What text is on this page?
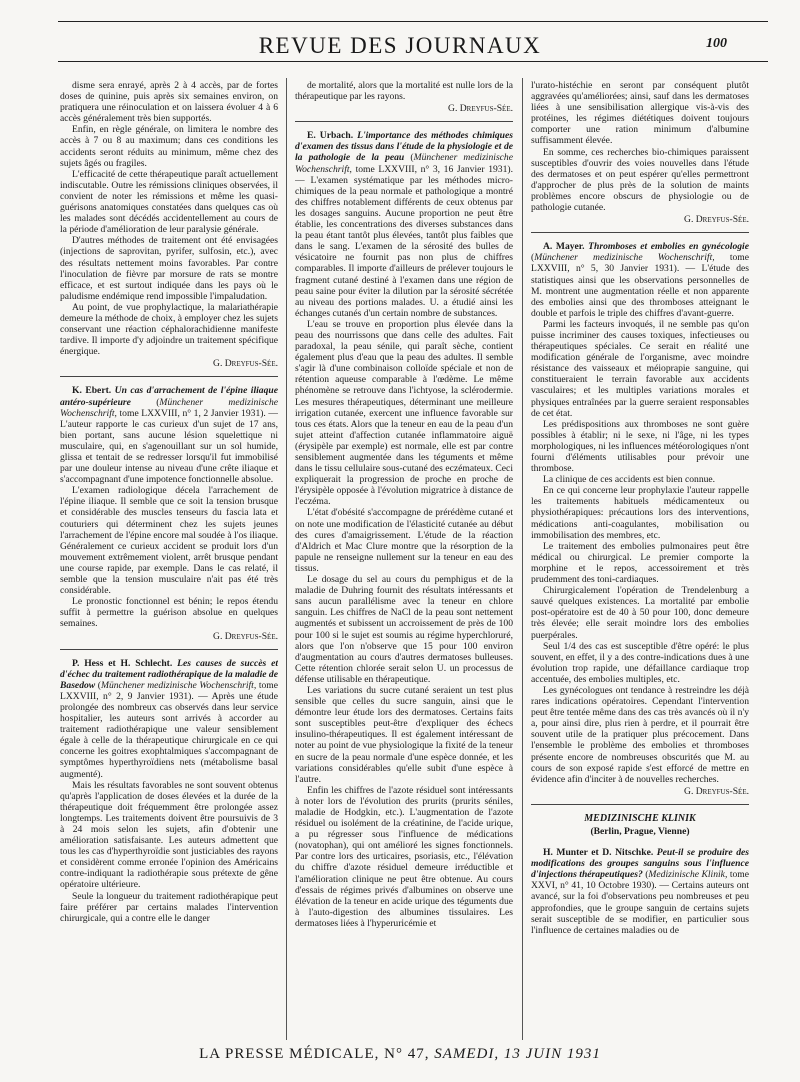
REVUE DES JOURNAUX	100

disme sera enrayé, après 2 à 4 accès, par de fortes doses de quinine, puis après six semaines environ, on pratiquera une réinoculation et on laissera évoluer 4 à 6 accès généralement très bien supportés.

Enfin, en règle générale, on limitera le nombre des accès à 7 ou 8 au maximum; dans ces conditions les accidents seront réduits au minimum, même chez des sujets âgés ou fragiles.

L'efficacité de cette thérapeutique paraît actuellement indiscutable. Outre les rémissions cliniques observées, il convient de noter les rémissions et même les quasi-guérisons anatomiques constatées dans quelques cas où les malades sont décédés accidentellement au cours de la période d'amélioration de leur paralysie générale.

D'autres méthodes de traitement ont été envisagées (injections de saprovitan, pyrifer, sulfosin, etc.), avec des résultats nettement moins favorables. Par contre l'inoculation de fièvre par morsure de rats se montre efficace, et est surtout indiquée dans les pays où le paludisme endémique rend impossible l'impaludation.

Au point, de vue prophylactique, la malariathérapie demeure la méthode de choix, à employer chez les sujets conservant une réaction céphalorachidienne manifeste tardive. Il importe d'y adjoindre un traitement spécifique énergique.

G. Dreyfus-Sée.

K. Ebert. Un cas d'arrachement de l'épine iliaque antéro-supérieure (Münchener medizinische Wochenschrift, tome LXXVIII, n° 1, 2 Janvier 1931). — L'auteur rapporte le cas curieux d'un sujet de 17 ans, bien portant, sans aucune lésion squelettique ni musculaire, qui, en s'agenouillant sur un sol humide, glissa et tentait de se redresser lorsqu'il fut immobilisé par une douleur intense au niveau d'une crête iliaque et s'accompagnant d'une impotence fonctionnelle absolue.

L'examen radiologique décela l'arrachement de l'épine iliaque. Il semble que ce soit la tension brusque et considérable des muscles tenseurs du fascia lata et couturiers qui déterminent chez les sujets jeunes l'arrachement de l'épine encore mal soudée à l'os iliaque. Généralement ce curieux accident se produit lors d'un mouvement extrêmement violent, arrêt brusque pendant une course rapide, par exemple. Dans le cas relaté, il semble que la tension musculaire n'ait pas été très considérable.

Le pronostic fonctionnel est bénin; le repos étendu suffit à permettre la guérison absolue en quelques semaines.

G. Dreyfus-Sée.

P. Hess et H. Schlecht. Les causes de succès et d'échec du traitement radiothérapique de la maladie de Basedow (Münchener medizinische Wochenschrift, tome LXXVIII, n° 2, 9 Janvier 1931). — Après une étude prolongée des nombreux cas observés dans leur service hospitalier, les auteurs sont arrivés à accorder au traitement radiothérapique une valeur sensiblement égale à celle de la thérapeutique chirurgicale en ce qui concerne les goitres exophtalmiques s'accompagnant de symptômes hyperthyroïdiens nets (métabolisme basal augmenté).

Mais les résultats favorables ne sont souvent obtenus qu'après l'application de doses élevées et la durée de la thérapeutique doit fréquemment être prolongée assez longtemps. Les traitements doivent être poursuivis de 3 à 24 mois selon les sujets, afin d'obtenir une amélioration satisfaisante. Les auteurs admettent que tous les cas d'hyperthyroïdie sont justiciables des rayons et considèrent comme erronée l'opinion des Américains contre-indiquant la radiothérapie sous prétexte de gêne opératoire ultérieure.

Seule la longueur du traitement radiothérapique peut faire préférer par certains malades l'intervention chirurgicale, qui a contre elle le danger

de mortalité, alors que la mortalité est nulle lors de la thérapeutique par les rayons.

G. Dreyfus-Sée.

E. Urbach. L'importance des méthodes chimiques d'examen des tissus dans l'étude de la physiologie et de la pathologie de la peau (Münchener medizinische Wochenschrift, tome LXXVIII, n° 3, 16 Janvier 1931). — L'examen systématique par les méthodes micro-chimiques de la peau normale et pathologique a montré des chiffres notablement différents de ceux obtenus par les dosages sanguins. Aucune proportion ne peut être établie, les concentrations des diverses substances dans la peau étant tantôt plus élevées, tantôt plus faibles que dans le sang. L'examen de la sérosité des bulles de vésicatoire ne fournit pas non plus de chiffres comparables. Il importe d'ailleurs de prélever toujours le fragment cutané destiné à l'examen dans une région de peau saine pour éviter la dilution par la sérosité sécrétée au niveau des portions malades. U. a étudié ainsi les échanges cutanés d'un certain nombre de substances.

L'eau se trouve en proportion plus élevée dans la peau des nourrissons que dans celle des adultes. Fait paradoxal, la peau sénile, qui paraît sèche, contient également plus d'eau que la peau des adultes. Il semble s'agir là d'une combinaison colloïde spéciale et non de rétention aqueuse comparable à l'œdème. Le même phénomène se retrouve dans l'ichtyose, la sclérodermie. Les mesures thérapeutiques, déterminant une meilleure irrigation cutanée, exercent une influence favorable sur tous ces états. Alors que la teneur en eau de la peau d'un sujet atteint d'affection cutanée inflammatoire aiguë (érysipèle par exemple) est normale, elle est par contre sensiblement augmentée dans les téguments et même dans le tissu cellulaire sous-cutané des eczémateux. Ceci expliquerait la progression de proche en proche de l'érysipèle opposée à l'évolution migratrice à distance de l'eczéma.

L'état d'obésité s'accompagne de prérédème cutané et on note une modification de l'élasticité cutanée au début des cures d'amaigrissement. L'étude de la réaction d'Aldrich et Mac Clure montre que la résorption de la papule ne renseigne nullement sur la teneur en eau des tissus.

Le dosage du sel au cours du pemphigus et de la maladie de Duhring fournit des résultats intéressants et sans aucun parallélisme avec la teneur en chlore sanguin. Les chiffres de NaCl de la peau sont nettement augmentés et subissent un accroissement de près de 100 pour 100 si le sujet est soumis au régime hyperchloruré, alors que l'on n'observe que 15 pour 100 environ d'augmentation au cours d'autres dermatoses bulleuses. Cette rétention chlorée serait selon U. un processus de défense utilisable en thérapeutique.

Les variations du sucre cutané seraient un test plus sensible que celles du sucre sanguin, ainsi que le démontre leur étude lors des dermatoses. Certains faits sont susceptibles peut-être d'expliquer des échecs insulino-thérapeutiques. Il est également intéressant de noter au point de vue physiologique la fixité de la teneur en sucre de la peau normale d'une espèce donnée, et les variations considérables qu'elle subit d'une espèce à l'autre.

Enfin les chiffres de l'azote résiduel sont intéressants à noter lors de l'évolution des prurits (prurits séniles, maladie de Hodgkin, etc.). L'augmentation de l'azote résiduel ou isolément de la créatinine, de l'acide urique, a pu régresser sous l'influence de médications (novatophan), qui ont amélioré les signes fonctionnels. Par contre lors des urticaires, psoriasis, etc., l'élévation du chiffre d'azote résiduel demeure irréductible et l'amélioration clinique ne peut être obtenue. Au cours d'essais de régimes privés d'albumines on observe une élévation de la teneur en acide urique des téguments due à l'auto-digestion des albumines tissulaires. Les dermatoses liées à l'hyperuricémie et

l'urato-histéchie en seront par conséquent plutôt aggravées qu'améliorées; ainsi, sauf dans les dermatoses liées à une sensibilisation allergique vis-à-vis des protéines, les régimes diététiques doivent toujours comporter une ration minimum d'albumine suffisamment élevée.

En somme, ces recherches bio-chimiques paraissent susceptibles d'ouvrir des voies nouvelles dans l'étude des dermatoses et on peut espérer qu'elles permettront d'approcher de plus près de la solution de maints problèmes encore obscurs de physiologie ou de pathologie cutanée.

G. Dreyfus-Sée.

A. Mayer. Thromboses et embolies en gynécologie (Münchener medizinische Wochenschrift, tome LXXVIII, n° 5, 30 Janvier 1931). — L'étude des statistiques ainsi que les observations personnelles de M. montrent une augmentation réelle et non apparente des embolies ainsi que des thromboses atteignant le double et parfois le triple des chiffres d'avant-guerre.

Parmi les facteurs invoqués, il ne semble pas qu'on puisse incriminer des causes toxiques, infectieuses ou thérapeutiques spéciales. Ce serait en réalité une modification générale de l'organisme, avec moindre résistance des vaisseaux et méioprapie sanguine, qui constitueraient le terrain favorable aux accidents vasculaires; et les multiples variations morales et physiques entraînées par la guerre seraient responsables de cet état.

Les prédispositions aux thromboses ne sont guère possibles à établir; ni le sexe, ni l'âge, ni les types morphologiques, ni les influences météorologiques n'ont fourni d'éléments utilisables pour prévoir une thrombose.

La clinique de ces accidents est bien connue.

En ce qui concerne leur prophylaxie l'auteur rappelle les traitements habituels médicamenteux ou physiothérapiques: précautions lors des interventions, médications anti-coagulantes, mobilisation ou immobilisation des membres, etc.

Le traitement des embolies pulmonaires peut être médical ou chirurgical. Le premier comporte la morphine et le repos, accessoirement et très prudemment des toni-cardiaques.

Chirurgicalement l'opération de Trendelenburg a sauvé quelques existences. La mortalité par embolie post-opératoire est de 40 à 50 pour 100, donc demeure très élevée; elle serait moindre lors des embolies puerpérales.

Seul 1/4 des cas est susceptible d'être opéré: le plus souvent, en effet, il y a des contre-indications dues à une évolution trop rapide, une défaillance cardiaque trop accentuée, des embolies multiples, etc.

Les gynécologues ont tendance à restreindre les déjà rares indications opératoires. Cependant l'intervention peut être tentée même dans des cas très avancés où il n'y a, pour ainsi dire, plus rien à perdre, et il pourrait être souvent utile de la pratiquer plus précocement. Dans l'ensemble le problème des embolies et thromboses présente encore de nombreuses obscurités que M. au cours de son exposé rapide s'est efforcé de mettre en évidence afin d'inciter à de nouvelles recherches.

G. Dreyfus-Sée.

MEDIZINISCHE KLINIK

(Berlin, Prague, Vienne)

H. Munter et D. Nitschke. Peut-il se produire des modifications des groupes sanguins sous l'influence d'injections thérapeutiques? (Medizinische Klinik, tome XXVI, n° 41, 10 Octobre 1930). — Certains auteurs ont avancé, sur la foi d'observations peu nombreuses et peu approfondies, que le groupe sanguin de certains sujets serait susceptible de se modifier, en particulier sous l'influence de certaines maladies ou de

LA PRESSE MÉDICALE, N° 47, SAMEDI, 13 JUIN 1931
